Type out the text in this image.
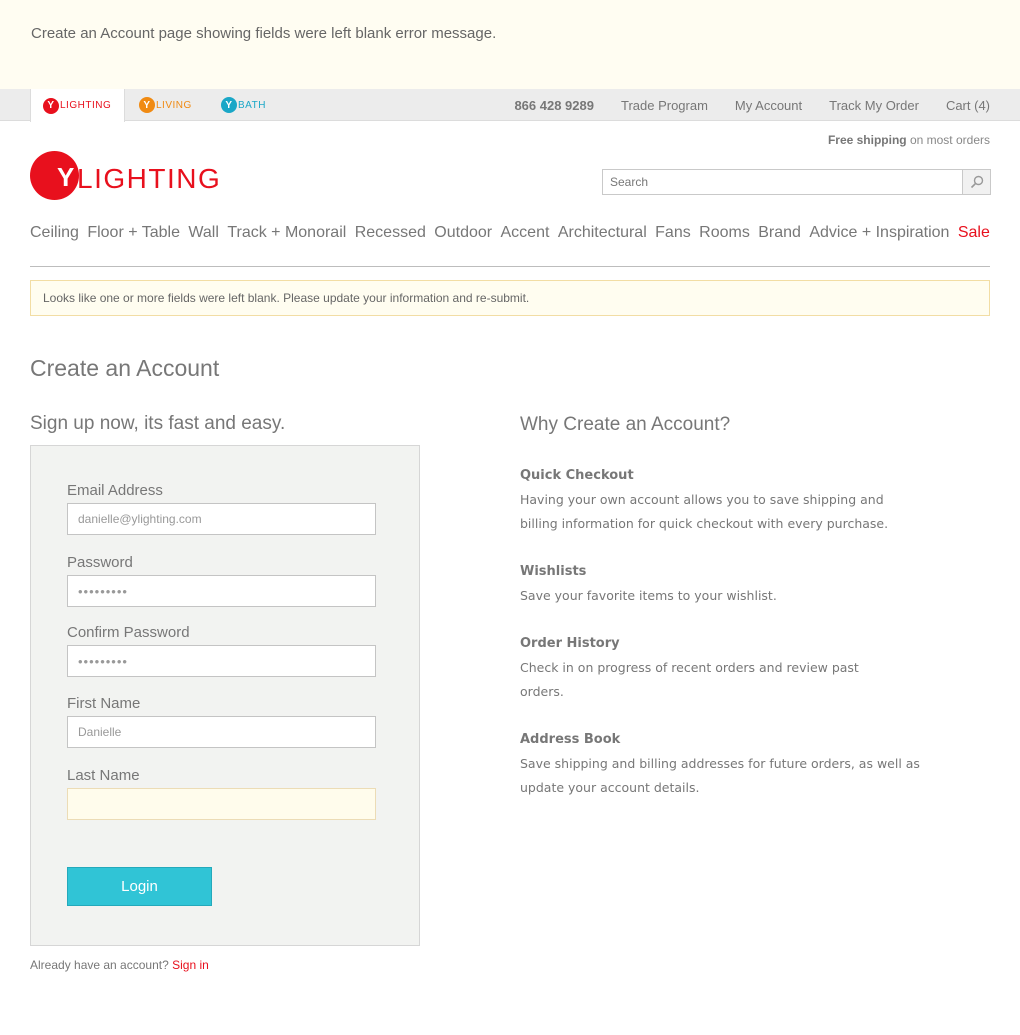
Create an Account page showing fields were left blank error message.
Y LIGHTING	Y LIVING	Y BATH	866 428 9289 Trade Program My Account Track My Order Cart (4)
Free shipping on most orders
Y LIGHTING
Search
Ceiling Floor + Table Wall Track + Monorail Recessed Outdoor Accent Architectural Fans Rooms Brand Advice + Inspiration Sale
Looks like one or more fields were left blank. Please update your information and re-submit.
Create an Account
Sign up now, its fast and easy.
Email Address
danielle@ylighting.com
Password
•••••••••
Confirm Password
•••••••••
First Name
Danielle
Last Name
Login
Already have an account? Sign in
Why Create an Account?
Quick Checkout
Having your own account allows you to save shipping and billing information for quick checkout with every purchase.
Wishlists
Save your favorite items to your wishlist.
Order History
Check in on progress of recent orders and review past orders.
Address Book
Save shipping and billing addresses for future orders, as well as update your account details.
